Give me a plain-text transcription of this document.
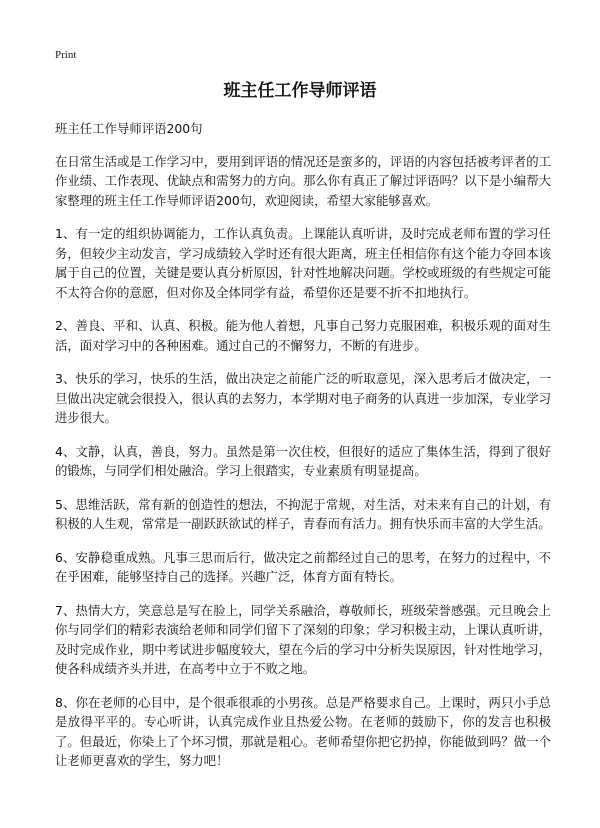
Print
班主任工作导师评语

班主任工作导师评语200句

在日常生活或是工作学习中，要用到评语的情况还是蛮多的，评语的内容包括被考评者的工作业绩、工作表现、优缺点和需努力的方向。那么你有真正了解过评语吗？以下是小编帮大家整理的班主任工作导师评语200句，欢迎阅读，希望大家能够喜欢。

1、有一定的组织协调能力，工作认真负责。上课能认真听讲，及时完成老师布置的学习任务，但较少主动发言，学习成绩较入学时还有很大距离，班主任相信你有这个能力夺回本该属于自己的位置，关键是要认真分析原因，针对性地解决问题。学校或班级的有些规定可能不太符合你的意愿，但对你及全体同学有益，希望你还是要不折不扣地执行。

2、善良、平和、认真、积极。能为他人着想，凡事自己努力克服困难，积极乐观的面对生活，面对学习中的各种困难。通过自己的不懈努力，不断的有进步。

3、快乐的学习，快乐的生活，做出决定之前能广泛的听取意见，深入思考后才做决定，一旦做出决定就会很投入，很认真的去努力，本学期对电子商务的认真进一步加深，专业学习进步很大。

4、文静，认真，善良，努力。虽然是第一次住校，但很好的适应了集体生活，得到了很好的锻炼，与同学们相处融洽。学习上很踏实，专业素质有明显提高。

5、思维活跃，常有新的创造性的想法，不拘泥于常规，对生活，对未来有自己的计划，有积极的人生观，常常是一副跃跃欲试的样子，青春而有活力。拥有快乐而丰富的大学生活。

6、安静稳重成熟。凡事三思而后行，做决定之前都经过自己的思考，在努力的过程中，不在乎困难，能够坚持自己的选择。兴趣广泛，体育方面有特长。

7、热情大方，笑意总是写在脸上，同学关系融洽，尊敬师长，班级荣誉感强。元旦晚会上你与同学们的精彩表演给老师和同学们留下了深刻的印象；学习积极主动，上课认真听讲，及时完成作业，期中考试进步幅度较大，望在今后的学习中分析失误原因，针对性地学习，使各科成绩齐头并进，在高考中立于不败之地。

8、你在老师的心目中，是个很乖很乖的小男孩。总是严格要求自己。上课时，两只小手总是放得平平的。专心听讲，认真完成作业且热爱公物。在老师的鼓励下，你的发言也积极了。但最近，你染上了个坏习惯，那就是粗心。老师希望你把它扔掉，你能做到吗？做一个让老师更喜欢的学生，努力吧！
